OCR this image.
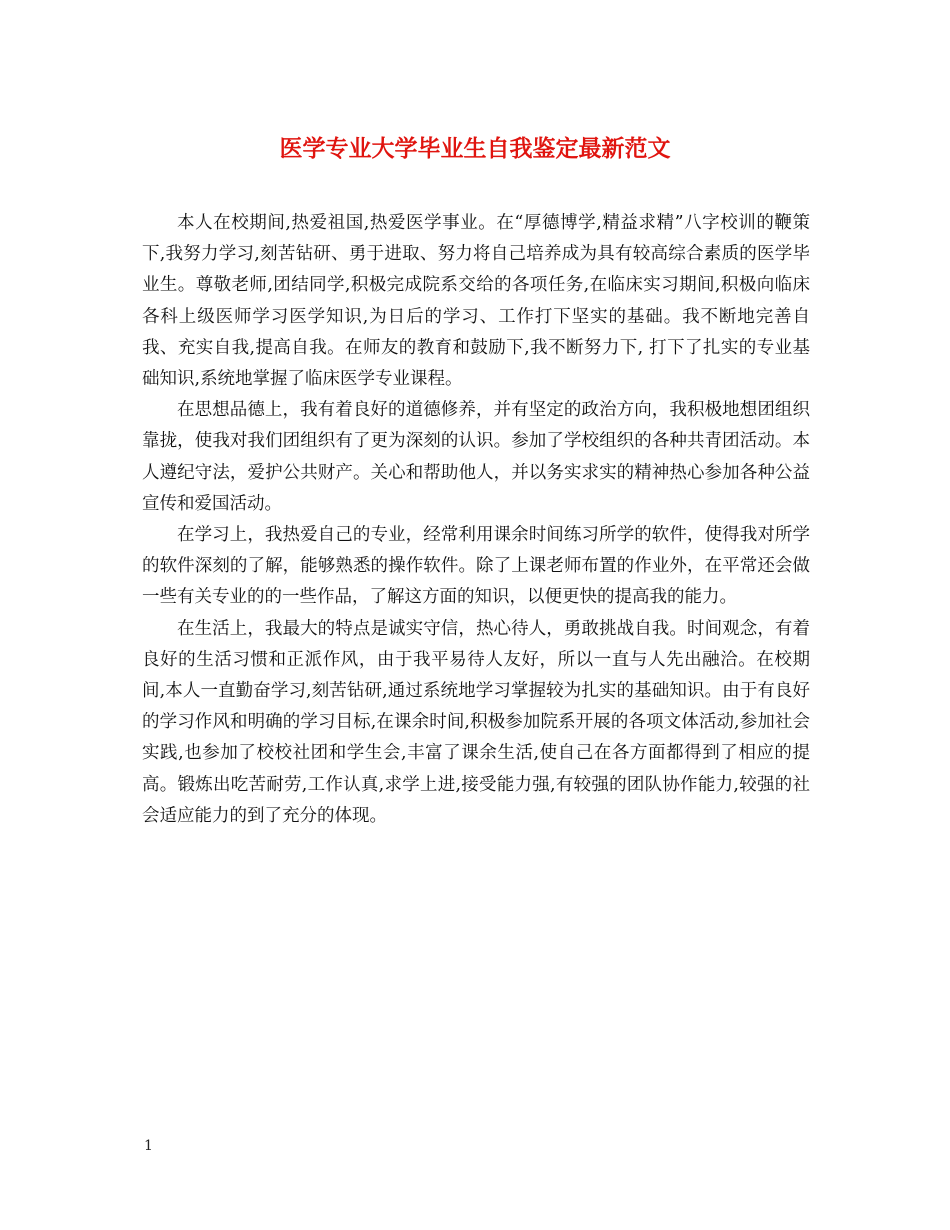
医学专业大学毕业生自我鉴定最新范文

本人在校期间,热爱祖国,热爱医学事业。在“厚德博学,精益求精”八字校训的鞭策下,我努力学习,刻苦钻研、勇于进取、努力将自己培养成为具有较高综合素质的医学毕业生。尊敬老师,团结同学,积极完成院系交给的各项任务,在临床实习期间,积极向临床各科上级医师学习医学知识,为日后的学习、工作打下坚实的基础。我不断地完善自我、充实自我,提高自我。在师友的教育和鼓励下,我不断努力下, 打下了扎实的专业基础知识,系统地掌握了临床医学专业课程。

在思想品德上，我有着良好的道德修养，并有坚定的政治方向，我积极地想团组织靠拢，使我对我们团组织有了更为深刻的认识。参加了学校组织的各种共青团活动。本人遵纪守法，爱护公共财产。关心和帮助他人，并以务实求实的精神热心参加各种公益宣传和爱国活动。

在学习上，我热爱自己的专业，经常利用课余时间练习所学的软件，使得我对所学的软件深刻的了解，能够熟悉的操作软件。除了上课老师布置的作业外，在平常还会做一些有关专业的的一些作品，了解这方面的知识，以便更快的提高我的能力。

在生活上，我最大的特点是诚实守信，热心待人，勇敢挑战自我。时间观念，有着良好的生活习惯和正派作风，由于我平易待人友好，所以一直与人先出融洽。在校期间,本人一直勤奋学习,刻苦钻研,通过系统地学习掌握较为扎实的基础知识。由于有良好的学习作风和明确的学习目标,在课余时间,积极参加院系开展的各项文体活动,参加社会实践,也参加了校校社团和学生会,丰富了课余生活,使自己在各方面都得到了相应的提高。锻炼出吃苦耐劳,工作认真,求学上进,接受能力强,有较强的团队协作能力,较强的社会适应能力的到了充分的体现。

1
